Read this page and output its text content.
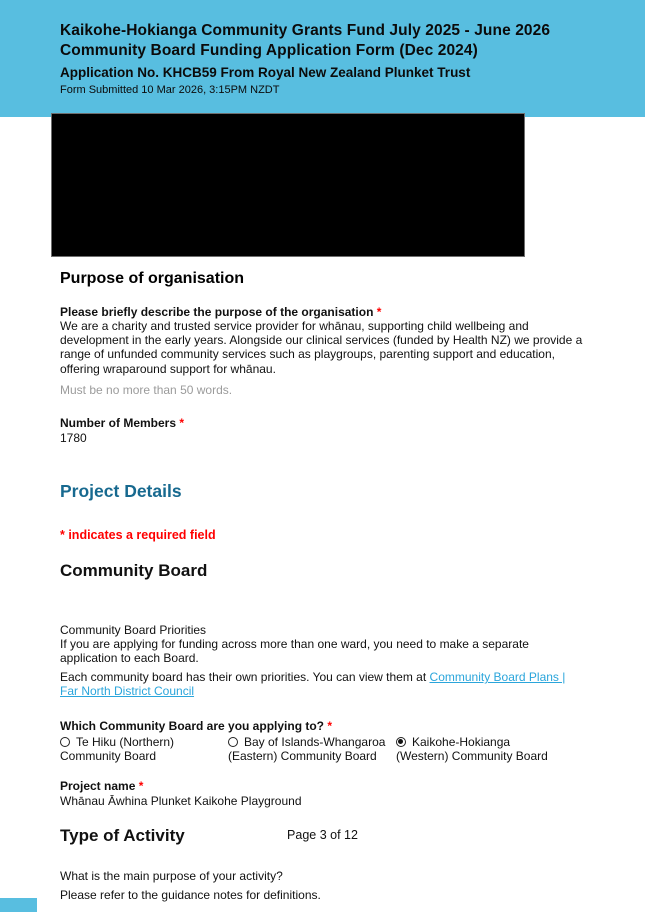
Kaikohe-Hokianga Community Grants Fund July 2025 - June 2026
Community Board Funding Application Form (Dec 2024)
Application No. KHCB59 From Royal New Zealand Plunket Trust
Form Submitted 10 Mar 2026, 3:15PM NZDT
Purpose of organisation
Please briefly describe the purpose of the organisation *
We are a charity and trusted service provider for whānau, supporting child wellbeing and development in the early years. Alongside our clinical services (funded by Health NZ) we provide a range of unfunded community services such as playgroups, parenting support and education, offering wraparound support for whānau.
Must be no more than 50 words.
Number of Members *
1780
Project Details
* indicates a required field
Community Board
Community Board Priorities
If you are applying for funding across more than one ward, you need to make a separate application to each Board.
Each community board has their own priorities. You can view them at Community Board Plans | Far North District Council
Which Community Board are you applying to? *
Te Hiku (Northern) Community Board
Bay of Islands-Whangaroa (Eastern) Community Board
Kaikohe-Hokianga (Western) Community Board
Project name *
Whānau Āwhina Plunket Kaikohe Playground
Type of Activity
What is the main purpose of your activity?
Please refer to the guidance notes for definitions.
Page 3 of 12
